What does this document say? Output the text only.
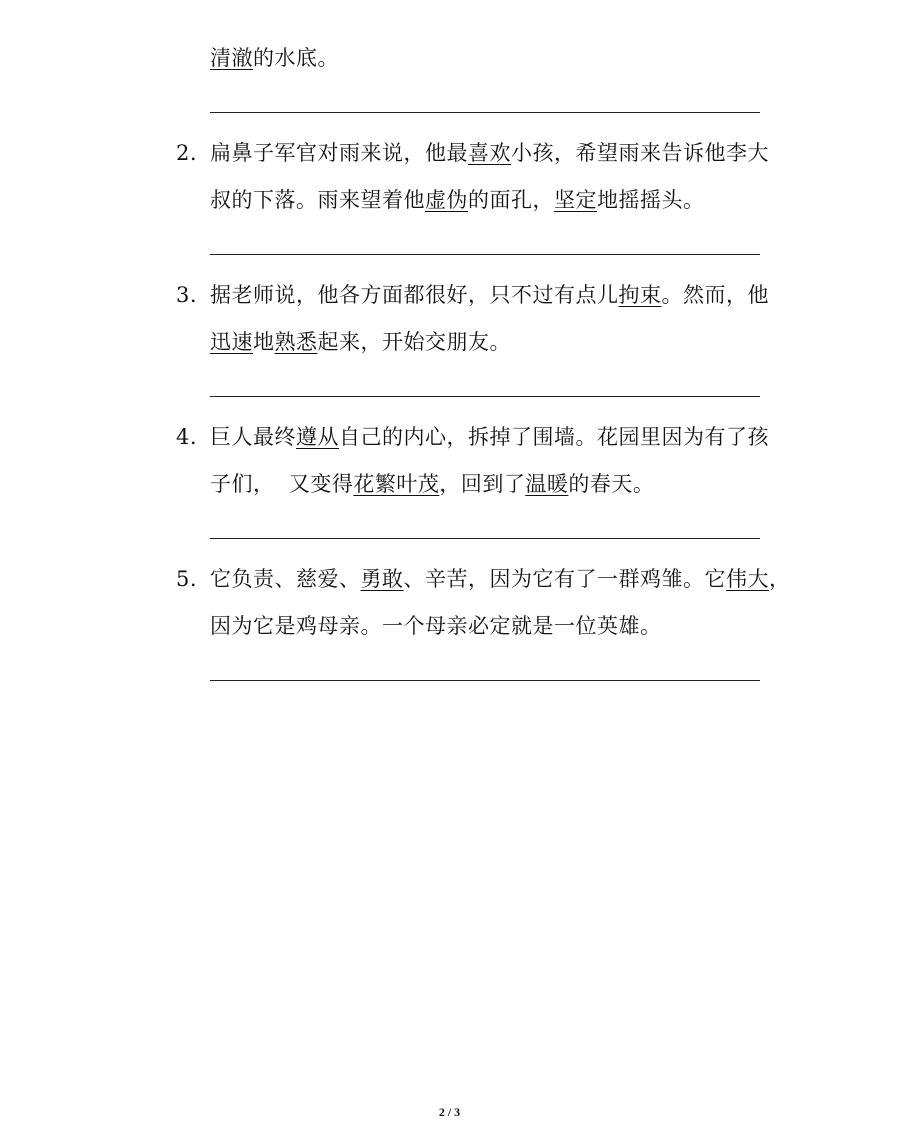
清澈的水底。
2. 扁鼻子军官对雨来说，他最喜欢小孩，希望雨来告诉他李大
叔的下落。雨来望着他虚伪的面孔，坚定地摇摇头。
3. 据老师说，他各方面都很好，只不过有点儿拘束。然而，他
迅速地熟悉起来，开始交朋友。
4. 巨人最终遵从自己的内心，拆掉了围墙。花园里因为有了孩
子们，  又变得花繁叶茂，回到了温暖的春天。
5. 它负责、慈爱、勇敢、辛苦，因为它有了一群鸡雏。它伟大，
因为它是鸡母亲。一个母亲必定就是一位英雄。
2 / 3
